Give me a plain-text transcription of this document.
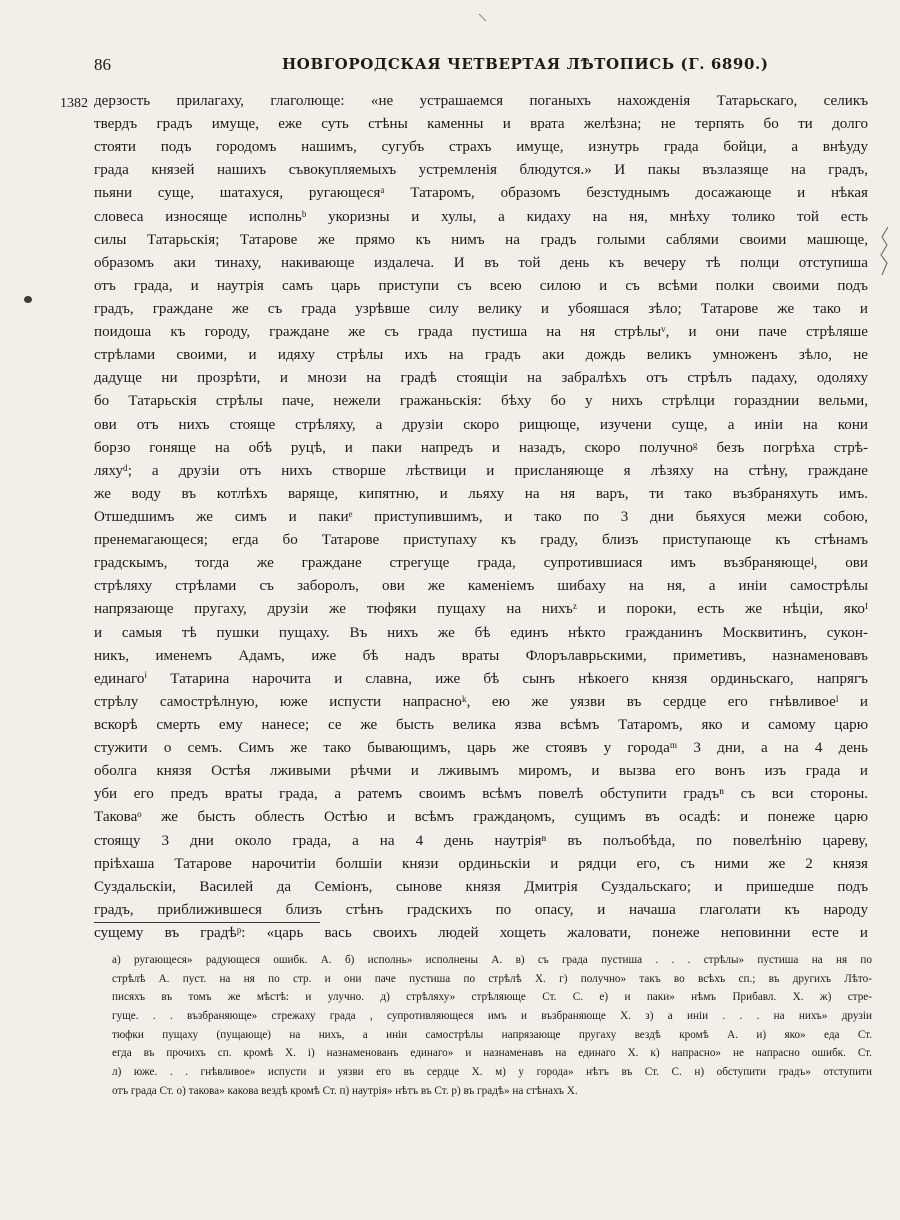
86	НОВГОРОДСКАЯ ЧЕТВЕРТАЯ ЛѢТОПИСЬ (Г. 6890.)
1382 дерзость прилагаху, глаголюще: «не устрашаемся поганыхъ нахожденія Татарьскаго, селикъ
твердъ градъ имуще, еже суть стѣны каменны и врата желѣзна; не терпять бо ти долго
стояти подъ городомъ нашимъ, сугубъ страхъ имуще, изнутрь града бойци, а внѣуду
града князей нашихъ съвокупляемыхъ устремленія блюдутся.» И пакы възлазяще на градъ,
пьяни суще, шатахуся, ругающесяᵃ Татаромъ, образомъ безстуднымъ досажающе и нѣкая
словеса износяще исполньᵇ укоризны и хулы, а кидаху на ня, мнѣху толико той есть
силы Татарьскія; Татарове же прямо къ нимъ на градъ голыми саблями своими машюще,
образомъ аки тинаху, накивающе издалеча. И въ той день къ вечеру тѣ полци отступиша
отъ града, и наутрія самъ царь приступи съ всею силою и съ всѣми полки своими подъ
градъ, граждане же съ града узрѣвше силу велику и убояшася зѣло; Татарове же тако и
поидоша къ городу, граждане же съ града пустиша на ня стрѣлыᵛ, и они паче стрѣляше
стрѣлами своими, и идяху стрѣлы ихъ на градъ аки дождь великъ умноженъ зѣло, не
дадуще ни прозрѣти, и мнози на градѣ стоящіи на забралѣхъ отъ стрѣлъ падаху, одоляху
бо Татарьскія стрѣлы паче, нежели гражаньскія: бѣху бо у нихъ стрѣлци горазднии вельми,
ови отъ нихъ стояще стрѣляху, а друзіи скоро рищюще, изучени суще, а иніи на кони
борзо гоняще на обѣ руцѣ, и паки напредъ и назадъ, скоро получноᵍ безъ погрѣха стрѣ-
ляхуᵈ; а друзіи отъ нихъ створше лѣствици и присланяюще я лѣзяху на стѣну, граждане
же воду въ котлѣхъ варяще, кипятню, и льяху на ня варъ, ти тако възбраняхуть имъ.
Отшедшимъ же симъ и пакиᵉ приступившимъ, и тако по 3 дни бьяхуся межи собою,
пренемагающеся; егда бо Татарове приступаху къ граду, близъ приступающе къ стѣнамъ
градскымъ, тогда же граждане стрегуще града, супротившиася имъ възбраняющеᶨ, ови
стрѣляху стрѣлами съ заборолъ, ови же каменіемъ шибаху на ня, а иніи самострѣлы
напрязающе пругаху, друзіи же тюфяки пущаху на нихъᶻ и пороки, есть же нѣціи, якоᴵ
и самыя тѣ пушки пущаху. Въ нихъ же бѣ единъ нѣкто гражданинъ Москвитинъ, сукон-
никъ, именемъ Адамъ, иже бѣ надъ враты Флорълаврьскими, приметивъ, назнаменовавъ
единагоⁱ Татарина нарочита и славна, иже бѣ сынъ нѣкоего князя ординьскаго, напрягъ
стрѣлу самострѣлную, юже испусти напрасноᵏ, ею же уязви въ сердце его гнѣвливоеˡ и
вскорѣ смерть ему нанесе; се же бысть велика язва всѣмъ Татаромъ, яко и самому царю
стужити о семъ. Симъ же тако бывающимъ, царь же стоявъ у городаᵐ 3 дни, а на 4 день
оболга князя Остѣя лживыми рѣчми и лживымъ миромъ, и вызва его вонъ изъ града и
уби его предъ враты града, а ратемъ своимъ всѣмъ повелѣ обступити градъⁿ съ вси стороны.
Таковаᵒ же бысть облесть Остѣю и всѣмъ граждаңомъ, сущимъ въ осадѣ: и понеже царю
стоящу 3 дни около града, а на 4 день наутріяⁿ въ полъобѣда, по повелѣнію цареву,
пріѣхаша Татарове нарочитіи болшіи князи ординьскіи и рядци его, съ ними же 2 князя
Суздальскіи, Василей да Семіонъ, сынове князя Дмитрія Суздальскаго; и пришедше подъ
градъ, приближившеся близъ стѣнъ градскихъ по опасу, и начаша глаголати къ народу
сущему въ градѣᵖ: «царь вась своихъ людей хощеть жаловати, понеже неповинни есте и
а) ругающеся» радующеся ошибк. А. б) исполнь» исполнены А. в) съ града пустиша . . . стрѣлы» пустиша на ня по
стрѣлѣ А. пуст. на ня по стр. и они паче пустиша по стрѣлѣ Х. г) получно» такъ во всѣхъ сп.; въ другихъ Лѣто-
писяхъ въ томъ же мѣстѣ: и улучно. д) стрѣляху» стрѣляюще Ст. С. е) и паки» нѣмъ Прибавл. Х. ж) стре-
гуще. . . възбраняюще» стрежаху града , супротивляющеся имъ и възбраняюще Х. з) а иніи . . . на нихъ» друзіи
тюфки пущаху (пущающе) на нихъ, а иніи самострѣлы напрязающе пругаху вездѣ кромѣ А. и) яко» еда Ст.
егда въ прочихъ сп. кромѣ Х. і) назнаменованъ единаго» и назнаменавъ на единаго Х. к) напрасно» не напрасно ошибк. Ст.
л) юже. . . гнѣвливое» испусти и уязви его въ сердце Х. м) у города» нѣтъ въ Ст. С. н) обступити градъ» отступити
отъ града Ст. о) такова» какова вездѣ кромѣ Ст. п) наутрія» нѣтъ въ Ст. р) въ градѣ» на стѣнахъ Х.
